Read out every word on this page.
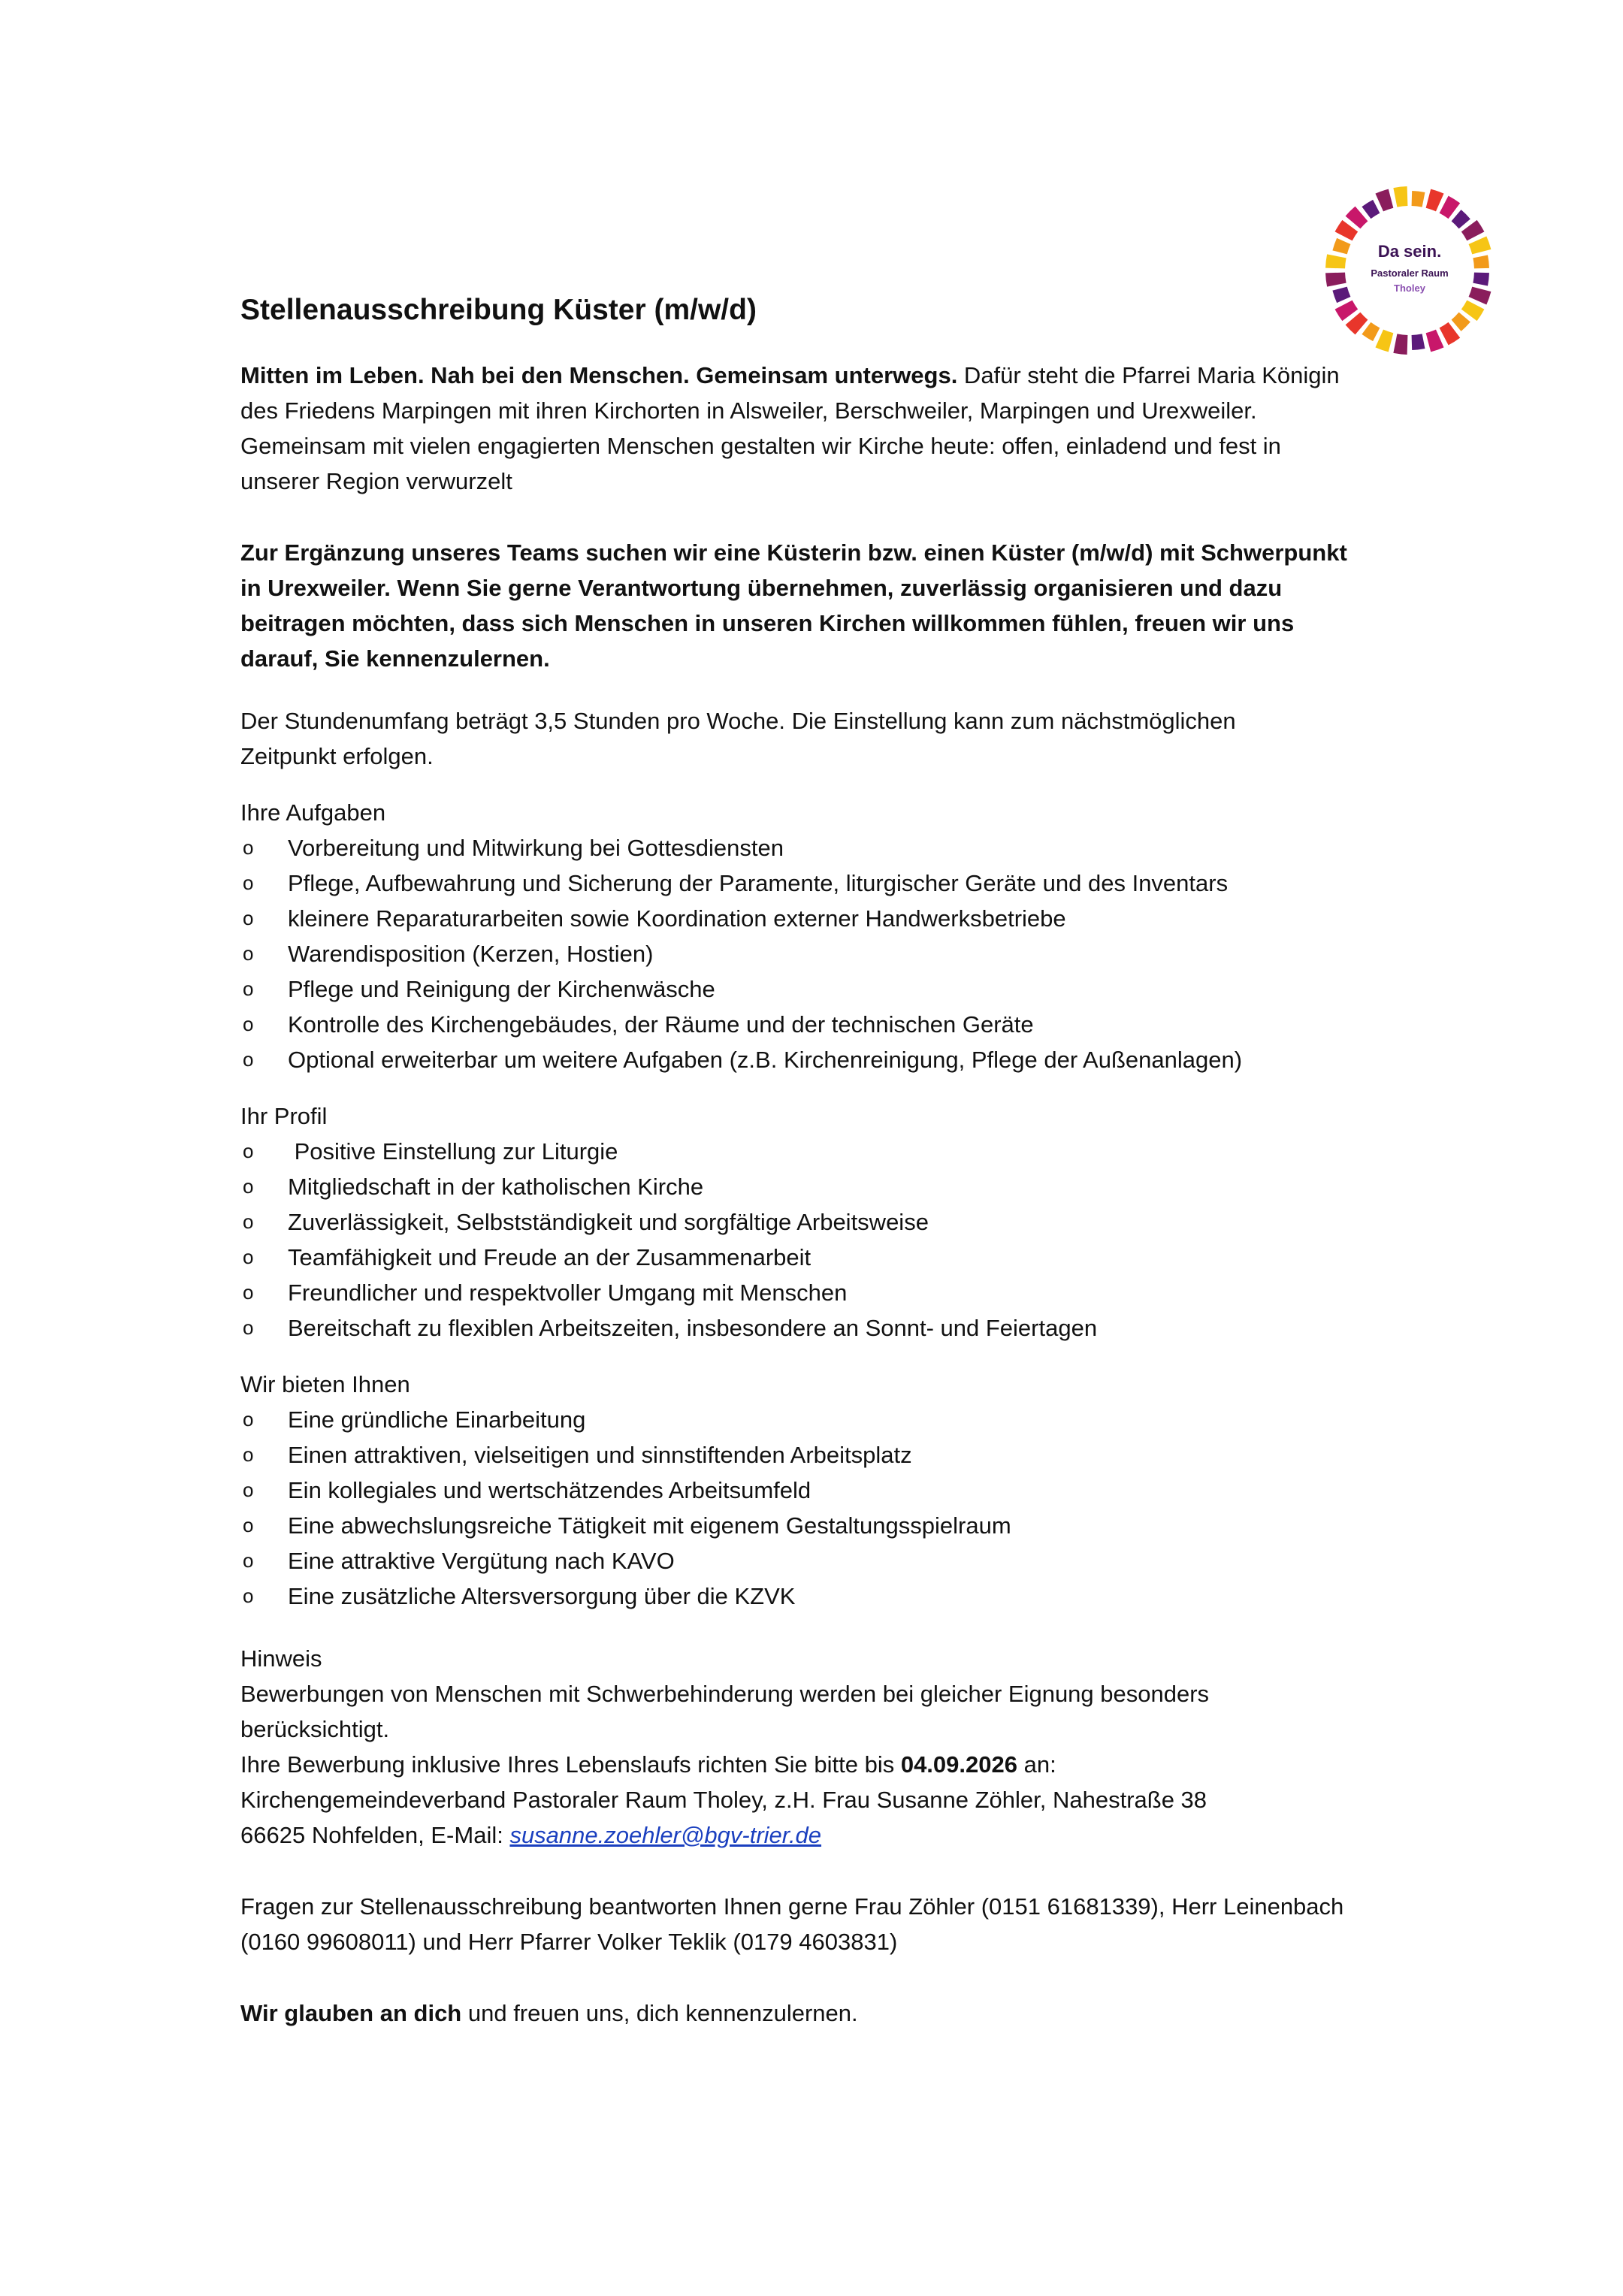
Da sein.
Pastoraler Raum
Tholey
Stellenausschreibung Küster (m/w/d)

Mitten im Leben. Nah bei den Menschen. Gemeinsam unterwegs. Dafür steht die Pfarrei Maria Königin
des Friedens Marpingen mit ihren Kirchorten in Alsweiler, Berschweiler, Marpingen und Urexweiler.
Gemeinsam mit vielen engagierten Menschen gestalten wir Kirche heute: offen, einladend und fest in
unserer Region verwurzelt

Zur Ergänzung unseres Teams suchen wir eine Küsterin bzw. einen Küster (m/w/d) mit Schwerpunkt
in Urexweiler. Wenn Sie gerne Verantwortung übernehmen, zuverlässig organisieren und dazu
beitragen möchten, dass sich Menschen in unseren Kirchen willkommen fühlen, freuen wir uns
darauf, Sie kennenzulernen.

Der Stundenumfang beträgt 3,5 Stunden pro Woche. Die Einstellung kann zum nächstmöglichen
Zeitpunkt erfolgen.

Ihre Aufgaben
o Vorbereitung und Mitwirkung bei Gottesdiensten
o Pflege, Aufbewahrung und Sicherung der Paramente, liturgischer Geräte und des Inventars
o kleinere Reparaturarbeiten sowie Koordination externer Handwerksbetriebe
o Warendisposition (Kerzen, Hostien)
o Pflege und Reinigung der Kirchenwäsche
o Kontrolle des Kirchengebäudes, der Räume und der technischen Geräte
o Optional erweiterbar um weitere Aufgaben (z.B. Kirchenreinigung, Pflege der Außenanlagen)
Ihr Profil
o Positive Einstellung zur Liturgie
o Mitgliedschaft in der katholischen Kirche
o Zuverlässigkeit, Selbstständigkeit und sorgfältige Arbeitsweise
o Teamfähigkeit und Freude an der Zusammenarbeit
o Freundlicher und respektvoller Umgang mit Menschen
o Bereitschaft zu flexiblen Arbeitszeiten, insbesondere an Sonnt- und Feiertagen
Wir bieten Ihnen
o Eine gründliche Einarbeitung
o Einen attraktiven, vielseitigen und sinnstiftenden Arbeitsplatz
o Ein kollegiales und wertschätzendes Arbeitsumfeld
o Eine abwechslungsreiche Tätigkeit mit eigenem Gestaltungsspielraum
o Eine attraktive Vergütung nach KAVO
o Eine zusätzliche Altersversorgung über die KZVK
Hinweis

Bewerbungen von Menschen mit Schwerbehinderung werden bei gleicher Eignung besonders
berücksichtigt.
Ihre Bewerbung inklusive Ihres Lebenslaufs richten Sie bitte bis 04.09.2026 an:
Kirchengemeindeverband Pastoraler Raum Tholey, z.H. Frau Susanne Zöhler, Nahestraße 38
66625 Nohfelden, E-Mail: susanne.zoehler@bgv-trier.de

Fragen zur Stellenausschreibung beantworten Ihnen gerne Frau Zöhler (0151 61681339), Herr Leinenbach
(0160 99608011) und Herr Pfarrer Volker Teklik (0179 4603831)

Wir glauben an dich und freuen uns, dich kennenzulernen.
